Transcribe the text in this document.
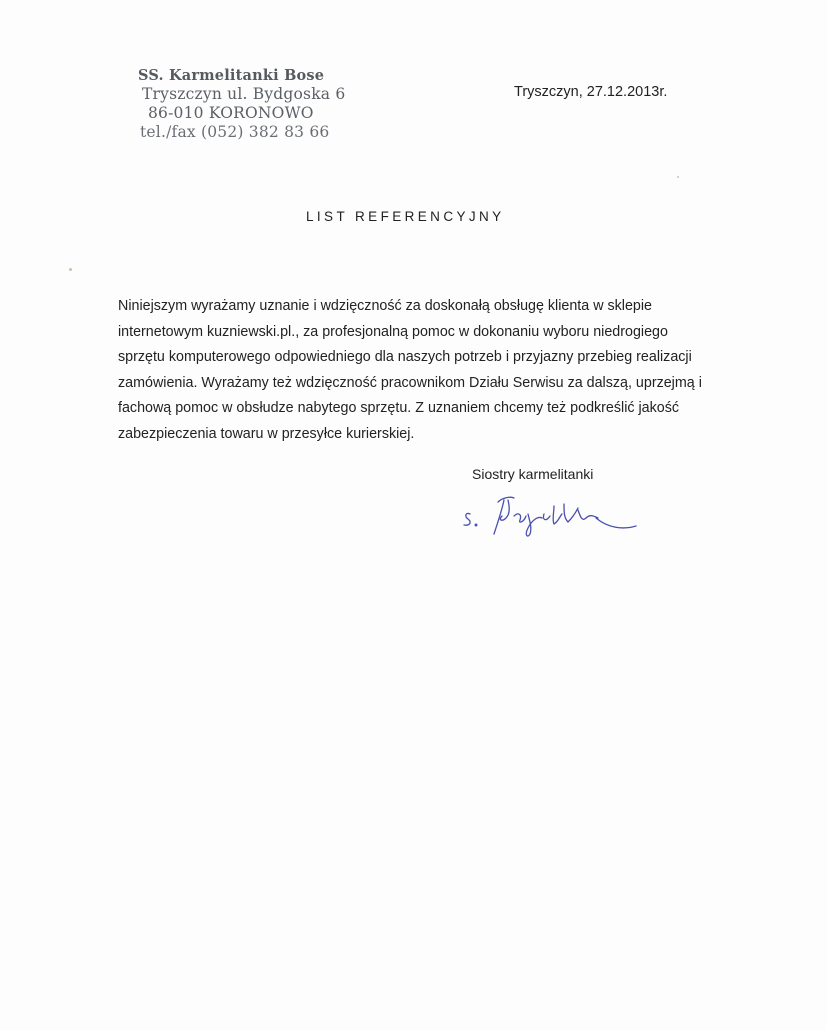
SS. Karmelitanki Bose
Tryszczyn ul. Bydgoska 6
86-010 KORONOWO
tel./fax (052) 382 83 66
Tryszczyn, 27.12.2013r.
LIST REFERENCYJNY
Niniejszym wyrażamy uznanie i wdzięczność za doskonałą obsługę klienta w sklepie
internetowym kuzniewski.pl., za profesjonalną pomoc w dokonaniu wyboru niedrogiego
sprzętu komputerowego odpowiedniego dla naszych potrzeb i przyjazny przebieg realizacji
zamówienia. Wyrażamy też wdzięczność pracownikom Działu Serwisu za dalszą, uprzejmą i
fachową pomoc w obsłudze nabytego sprzętu. Z uznaniem chcemy też podkreślić jakość
zabezpieczenia towaru w przesyłce kurierskiej.
Siostry karmelitanki
